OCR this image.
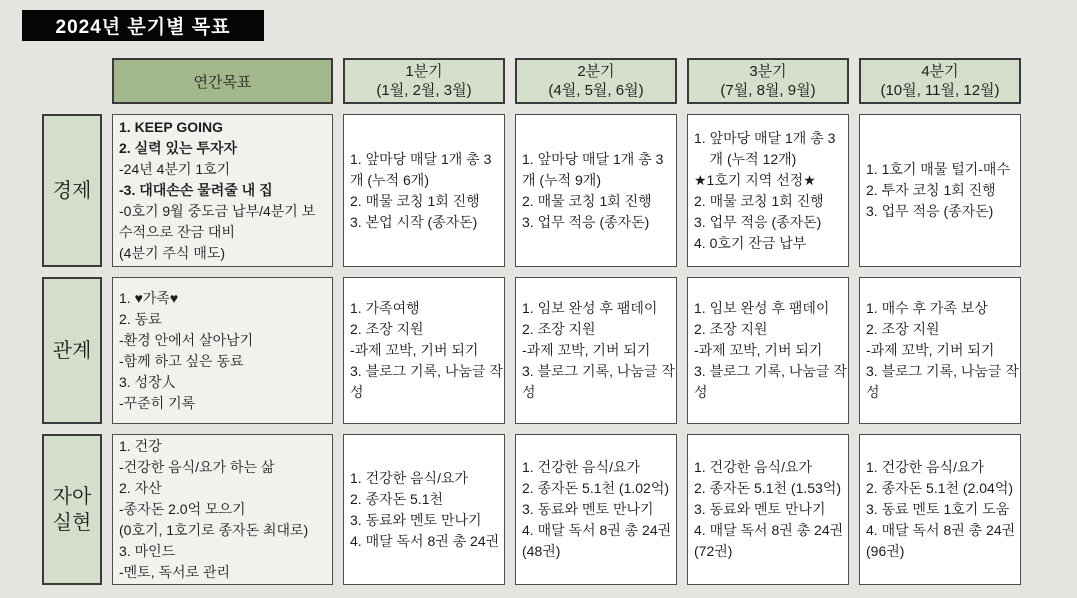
2024년 분기별 목표
연간목표
1분기
(1월, 2월, 3월)
2분기
(4월, 5월, 6월)
3분기
(7월, 8월, 9월)
4분기
(10월, 11월, 12월)
경제
1. KEEP GOING
2. 실력 있는 투자자
-24년 4분기 1호기
-3. 대대손손 물려줄 내 집
-0호기 9월 중도금 납부/4분기 보
수적으로 잔금 대비
(4분기 주식 매도)
1. 앞마당 매달 1개 총 3
개 (누적 6개)
2. 매물 코칭 1회 진행
3. 본업 시작 (종자돈)
1. 앞마당 매달 1개 총 3
개 (누적 9개)
2. 매물 코칭 1회 진행
3. 업무 적응 (종자돈)
1. 앞마당 매달 1개 총 3
개 (누적 12개)
★1호기 지역 선정★
2. 매물 코칭 1회 진행
3. 업무 적응 (종자돈)
4. 0호기 잔금 납부
1. 1호기 매물 털기-매수
2. 투자 코칭 1회 진행
3. 업무 적응 (종자돈)
관계
1. ♥가족♥
2. 동료
-환경 안에서 살아남기
-함께 하고 싶은 동료
3. 성장人
-꾸준히 기록
1. 가족여행
2. 조장 지원
-과제 꼬박, 기버 되기
3. 블로그 기록, 나눔글 작
성
1. 임보 완성 후 팸데이
2. 조장 지원
-과제 꼬박, 기버 되기
3. 블로그 기록, 나눔글 작
성
1. 임보 완성 후 팸데이
2. 조장 지원
-과제 꼬박, 기버 되기
3. 블로그 기록, 나눔글 작
성
1. 매수 후 가족 보상
2. 조장 지원
-과제 꼬박, 기버 되기
3. 블로그 기록, 나눔글 작
성
자아
실현
1. 건강
-건강한 음식/요가 하는 삶
2. 자산
-종자돈 2.0억 모으기
(0호기, 1호기로 종자돈 최대로)
3. 마인드
-멘토, 독서로 관리
1. 건강한 음식/요가
2. 종자돈 5.1천
3. 동료와 멘토 만나기
4. 매달 독서 8권 총 24권
1. 건강한 음식/요가
2. 종자돈 5.1천 (1.02억)
3. 동료와 멘토 만나기
4. 매달 독서 8권 총 24권
(48권)
1. 건강한 음식/요가
2. 종자돈 5.1천 (1.53억)
3. 동료와 멘토 만나기
4. 매달 독서 8권 총 24권
(72권)
1. 건강한 음식/요가
2. 종자돈 5.1천 (2.04억)
3. 동료 멘토 1호기 도움
4. 매달 독서 8권 총 24권
(96권)
